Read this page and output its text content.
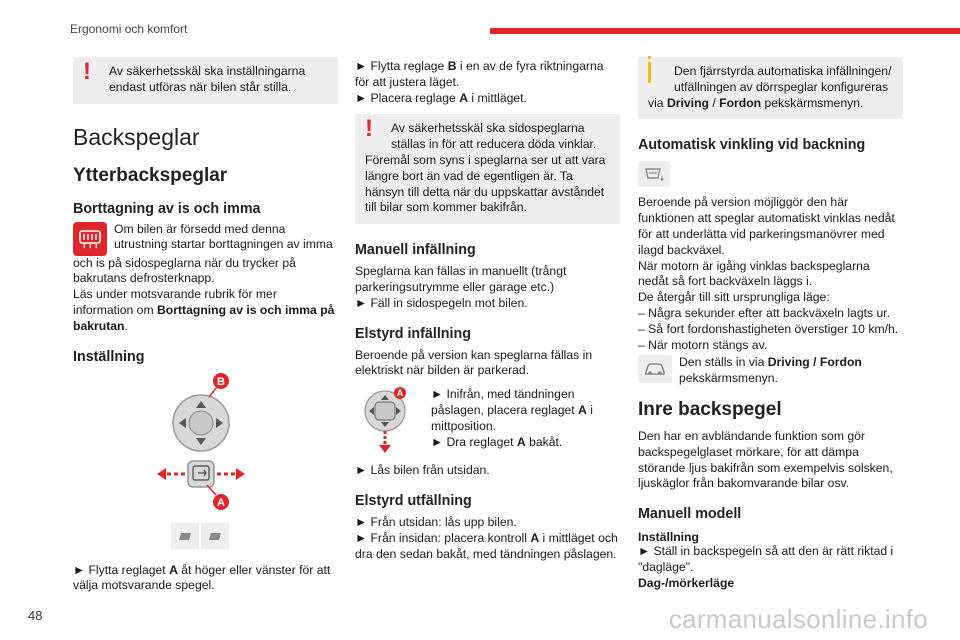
Ergonomi och komfort
!	Av säkerhetsskäl ska inställningarna endast utföras när bilen står stilla.
Backspeglar
Ytterbackspeglar
Borttagning av is och imma

Om bilen är försedd med denna

utrustning startar borttagningen av imma

och is på sidospeglarna när du trycker på bakrutans defrosterknapp.

Läs under motsvarande rubrik för mer information om Borttagning av is och imma på bakrutan.

Inställning
B
A

► Flytta reglaget A åt höger eller vänster för att välja motsvarande spegel.

► Flytta reglage B i en av de fyra riktningarna för att justera läget.

► Placera reglage A i mittläget.

!	Av säkerhetsskäl ska sidospeglarna
ställas in för att reducera döda vinklar.
Föremål som syns i speglarna ser ut att vara längre bort än vad de egentligen är. Ta hänsyn till detta när du uppskattar avståndet till bilar som kommer bakifrån.
Manuell infällning

Speglarna kan fällas in manuellt (trångt parkeringsutrymme eller garage etc.)

► Fäll in sidospegeln mot bilen.

Elstyrd infällning

Beroende på version kan speglarna fällas in elektriskt när bilden är parkerad.

A ► Inifrån, med tändningen påslagen, placera reglaget A i mittposition.

► Dra reglaget A bakåt.

► Lås bilen från utsidan.

Elstyrd utfällning

► Från utsidan: lås upp bilen.

► Från insidan: placera kontroll A i mittläget och dra den sedan bakåt, med tändningen påslagen.

Den fjärrstyrda automatiska infällningen/
utfällningen av dörrspeglar konfigureras
via Driving / Fordon pekskärmsmenyn.
Automatisk vinkling vid backning

Beroende på version möjliggör den här funktionen att speglar automatiskt vinklas nedåt för att underlätta vid parkeringsmanövrer med ilagd backväxel.

När motorn är igång vinklas backspeglarna nedåt så fort backväxeln läggs i.

De återgår till sitt ursprungliga läge:

– Några sekunder efter att backväxeln lagts ur.

– Så fort fordonshastigheten överstiger 10 km/h.

– När motorn stängs av.

Den ställs in via Driving / Fordon

pekskärmsmenyn.

Inre backspegel

Den har en avbländande funktion som gör backspegelglaset mörkare, för att dämpa störande ljus bakifrån som exempelvis solsken, ljuskäglor från bakomvarande bilar osv.

Manuell modell
Inställning

► Ställ in backspegeln så att den är rätt riktad i "dagläge".

Dag-/mörkerläge
48	carmanualsonline.info
